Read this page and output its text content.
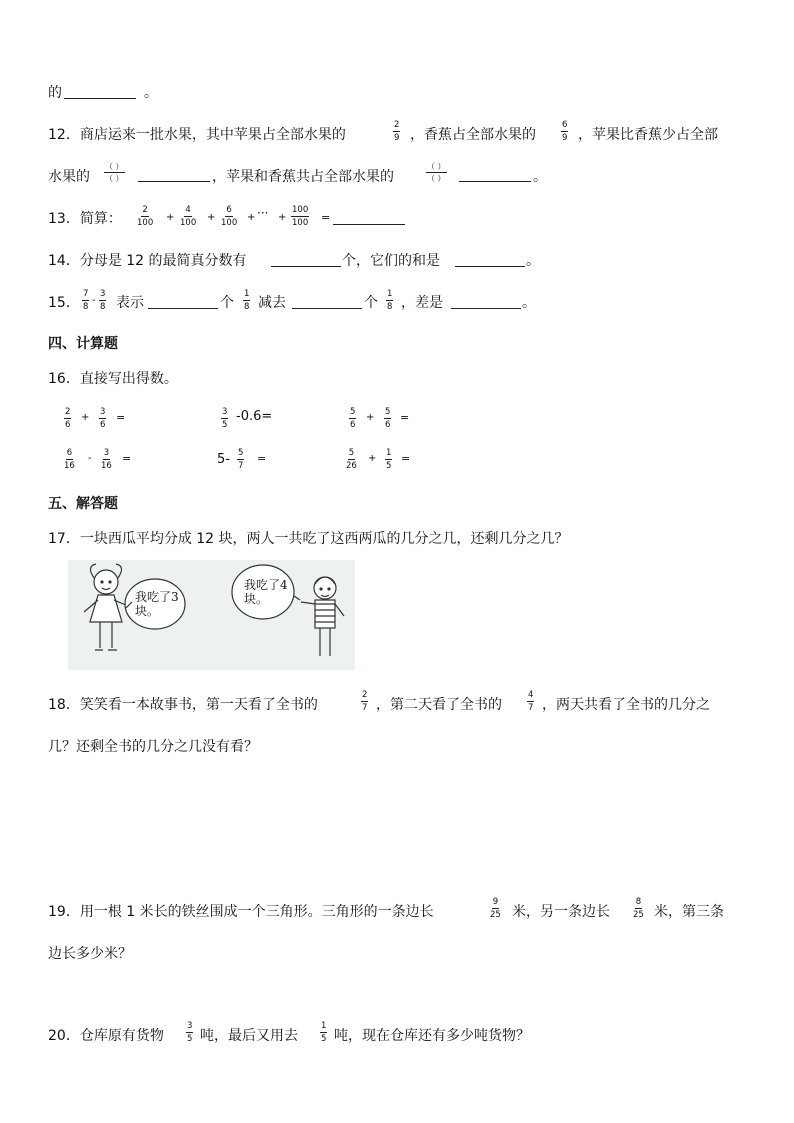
的	。
12．商店运来一批水果，其中苹果占全部水果的	$\frac{2}{9}$ ，香蕉占全部水果的	$\frac{6}{9}$ ，苹果比香蕉少占全部
水果的
（ ）
（ ）	，苹果和香蕉共占全部水果的
（ ）
（ ）	。
13．简算： $\frac{2}{100} + \frac{4}{100} + \frac{6}{100}$ + ··· + $\frac{100}{100}$ =
14．分母是 12 的最简真分数有	个，它们的和是	。
15． $\frac{7}{8} - \frac{3}{8}$ 表示	个 $\frac{1}{8}$ 减去	个 $\frac{1}{8}$ ，差是	。
四、计算题
16．直接写出得数。
$\frac{2}{6} + \frac{3}{6}$ =	$\frac{3}{5} -0.6=$	$\frac{5}{6} + \frac{5}{6}$ =
$\frac{6}{16} - \frac{3}{16}$ =	$5- \frac{5}{7}$ =	$\frac{5}{26} + \frac{1}{5}$ =
五、解答题
17．一块西瓜平均分成 12 块，两人一共吃了这西两瓜的几分之几，还剩几分之几？
我吃了3块。
我吃了4块。
18．笑笑看一本故事书，第一天看了全书的	$\frac{2}{7}$ ，第二天看了全书的	$\frac{4}{7}$ ，两天共看了全书的几分之
几？还剩全书的几分之几没有看？
19．用一根 1 米长的铁丝围成一个三角形。三角形的一条边长	$\frac{9}{25}$ 米，另一条边长	$\frac{8}{25}$ 米，第三条
边长多少米？
20．仓库原有货物	$\frac{3}{5}$ 吨，最后又用去	$\frac{1}{5}$ 吨，现在仓库还有多少吨货物？
